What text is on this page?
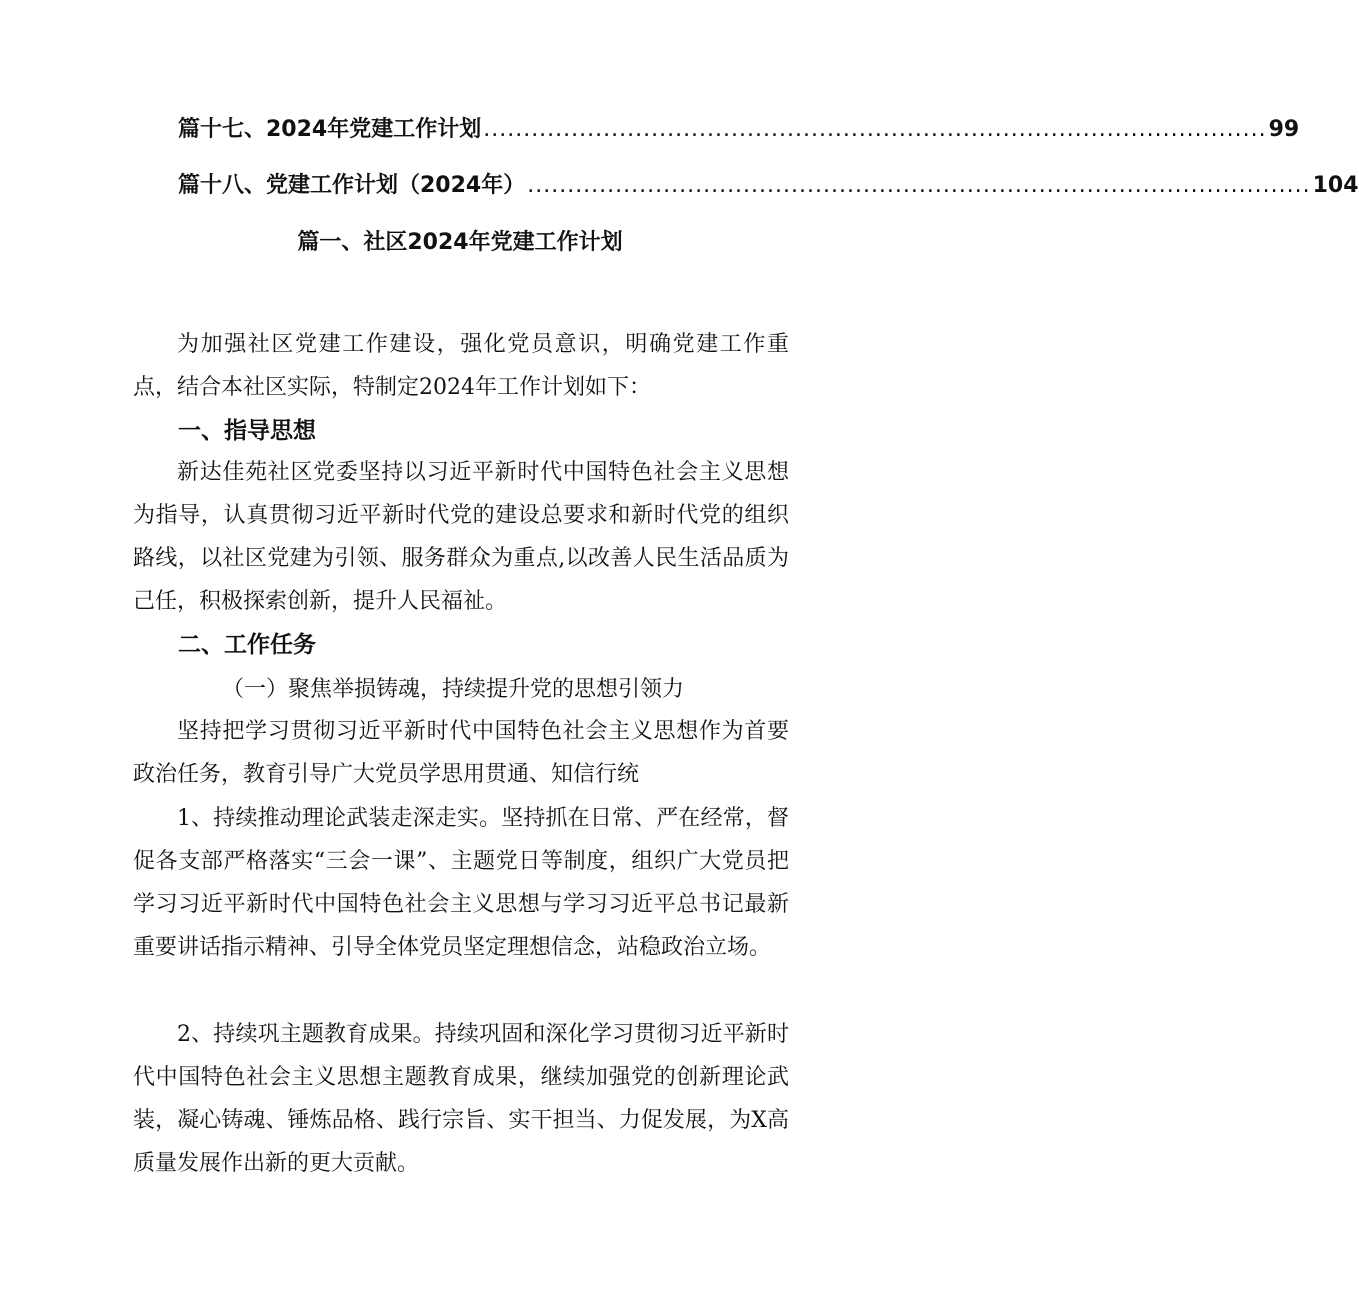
篇十七、2024年党建工作计划 .................................................................................................. 99
篇十八、党建工作计划（2024年） .................................................................................................. 104
篇一、社区2024年党建工作计划

为加强社区党建工作建设，强化党员意识，明确党建工作重点，结合本社区实际，特制定2024年工作计划如下：

一、指导思想

新达佳苑社区党委坚持以习近平新时代中国特色社会主义思想为指导，认真贯彻习近平新时代党的建设总要求和新时代党的组织路线，以社区党建为引领、服务群众为重点,以改善人民生活品质为己任，积极探索创新，提升人民福祉。

二、工作任务

（一）聚焦举损铸魂，持续提升党的思想引领力

坚持把学习贯彻习近平新时代中国特色社会主义思想作为首要政治任务，教育引导广大党员学思用贯通、知信行统

1、持续推动理论武装走深走实。坚持抓在日常、严在经常，督促各支部严格落实“三会一课”、主题党日等制度，组织广大党员把学习习近平新时代中国特色社会主义思想与学习习近平总书记最新重要讲话指示精神、引导全体党员坚定理想信念，站稳政治立场。

2、持续巩主题教育成果。持续巩固和深化学习贯彻习近平新时代中国特色社会主义思想主题教育成果，继续加强党的创新理论武装，凝心铸魂、锤炼品格、践行宗旨、实干担当、力促发展，为X高质量发展作出新的更大贡献。
